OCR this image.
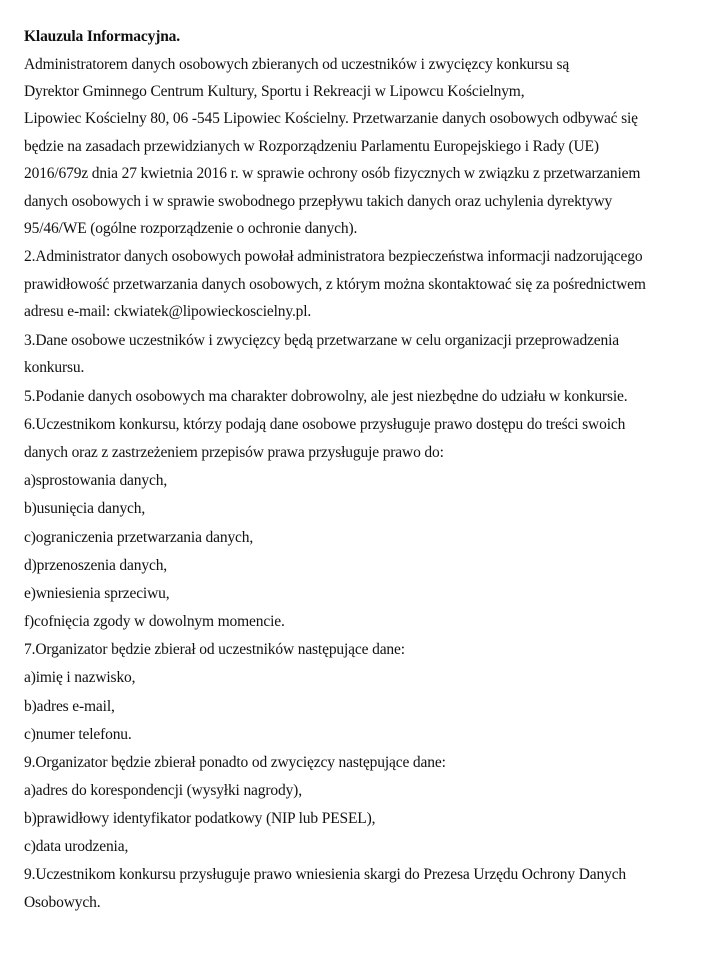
Klauzula Informacyjna.
Administratorem danych osobowych zbieranych od uczestników i zwycięzcy konkursu są
Dyrektor Gminnego Centrum Kultury, Sportu i Rekreacji w Lipowcu Kościelnym,
Lipowiec Kościelny 80, 06 -545 Lipowiec Kościelny. Przetwarzanie danych osobowych odbywać się
będzie na zasadach przewidzianych w Rozporządzeniu Parlamentu Europejskiego i Rady (UE)
2016/679z dnia 27 kwietnia 2016 r. w sprawie ochrony osób fizycznych w związku z przetwarzaniem
danych osobowych i w sprawie swobodnego przepływu takich danych oraz uchylenia dyrektywy
95/46/WE (ogólne rozporządzenie o ochronie danych).
2.Administrator danych osobowych powołał administratora bezpieczeństwa informacji nadzorującego
prawidłowość przetwarzania danych osobowych, z którym można skontaktować się za pośrednictwem
adresu e-mail: ckwiatek@lipowieckoscielny.pl.
3.Dane osobowe uczestników i zwycięzcy będą przetwarzane w celu organizacji przeprowadzenia
konkursu.
5.Podanie danych osobowych ma charakter dobrowolny, ale jest niezbędne do udziału w konkursie.
6.Uczestnikom konkursu, którzy podają dane osobowe przysługuje prawo dostępu do treści swoich
danych oraz z zastrzeżeniem przepisów prawa przysługuje prawo do:
a)sprostowania danych,
b)usunięcia danych,
c)ograniczenia przetwarzania danych,
d)przenoszenia danych,
e)wniesienia sprzeciwu,
f)cofnięcia zgody w dowolnym momencie.
7.Organizator będzie zbierał od uczestników następujące dane:
a)imię i nazwisko,
b)adres e-mail,
c)numer telefonu.
9.Organizator będzie zbierał ponadto od zwycięzcy następujące dane:
a)adres do korespondencji (wysyłki nagrody),
b)prawidłowy identyfikator podatkowy (NIP lub PESEL),
c)data urodzenia,
9.Uczestnikom konkursu przysługuje prawo wniesienia skargi do Prezesa Urzędu Ochrony Danych
Osobowych.
